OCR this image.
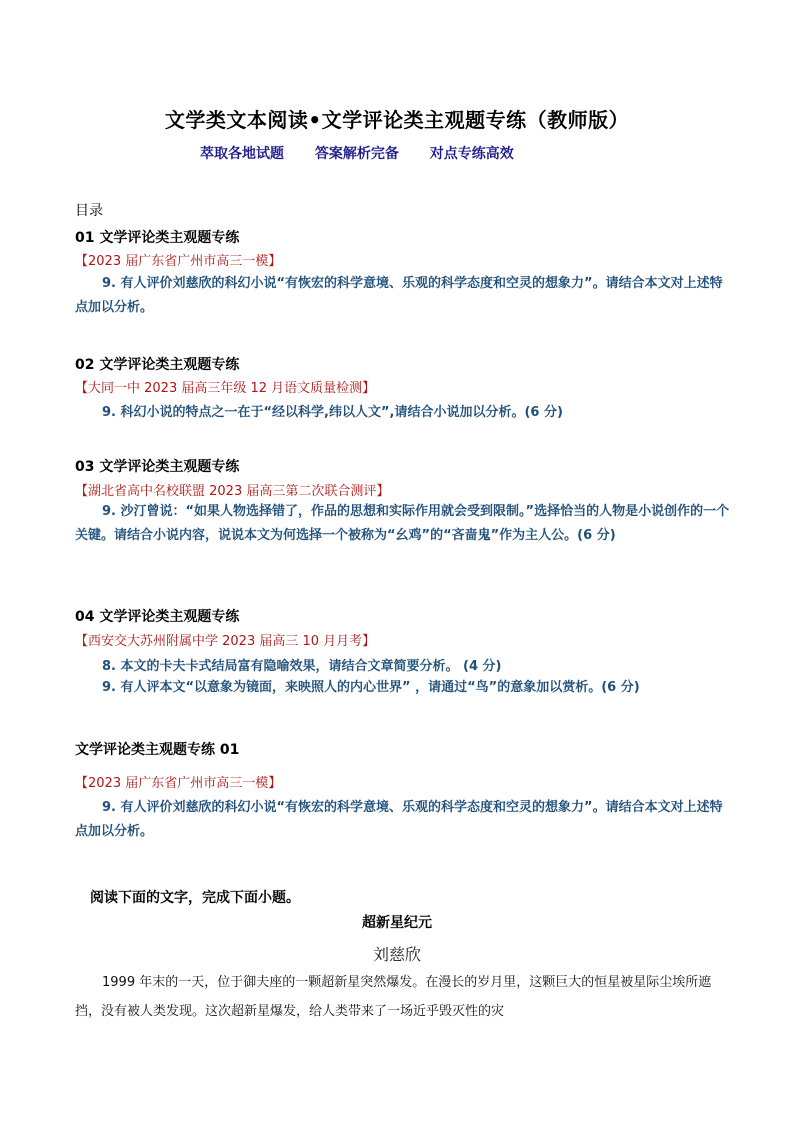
文学类文本阅读•文学评论类主观题专练（教师版）
萃取各地试题 答案解析完备 对点专练高效
目录
01 文学评论类主观题专练
【2023 届广东省广州市高三一模】
9. 有人评价刘慈欣的科幻小说“有恢宏的科学意境、乐观的科学态度和空灵的想象力”。请结合本文对上述特点加以分析。
02 文学评论类主观题专练
【大同一中 2023 届高三年级 12 月语文质量检测】
9. 科幻小说的特点之一在于“经以科学,纬以人文”,请结合小说加以分析。(6 分)
03 文学评论类主观题专练
【湖北省高中名校联盟 2023 届高三第二次联合测评】
9. 沙汀曾说：“如果人物选择错了，作品的思想和实际作用就会受到限制。”选择恰当的人物是小说创作的一个关键。请结合小说内容，说说本文为何选择一个被称为“幺鸡”的“吝啬鬼”作为主人公。(6 分)
04 文学评论类主观题专练
【西安交大苏州附属中学 2023 届高三 10 月月考】
8. 本文的卡夫卡式结局富有隐喻效果，请结合文章简要分析。 (4 分)
9. 有人评本文“以意象为镜面，来映照人的内心世界” ，请通过“鸟”的意象加以赏析。(6 分)
文学评论类主观题专练 01
【2023 届广东省广州市高三一模】
9. 有人评价刘慈欣的科幻小说“有恢宏的科学意境、乐观的科学态度和空灵的想象力”。请结合本文对上述特点加以分析。
阅读下面的文字，完成下面小题。
超新星纪元
刘慈欣
1999 年末的一天，位于御夫座的一颗超新星突然爆发。在漫长的岁月里，这颗巨大的恒星被星际尘埃所遮挡，没有被人类发现。这次超新星爆发，给人类带来了一场近乎毁灭性的灾
